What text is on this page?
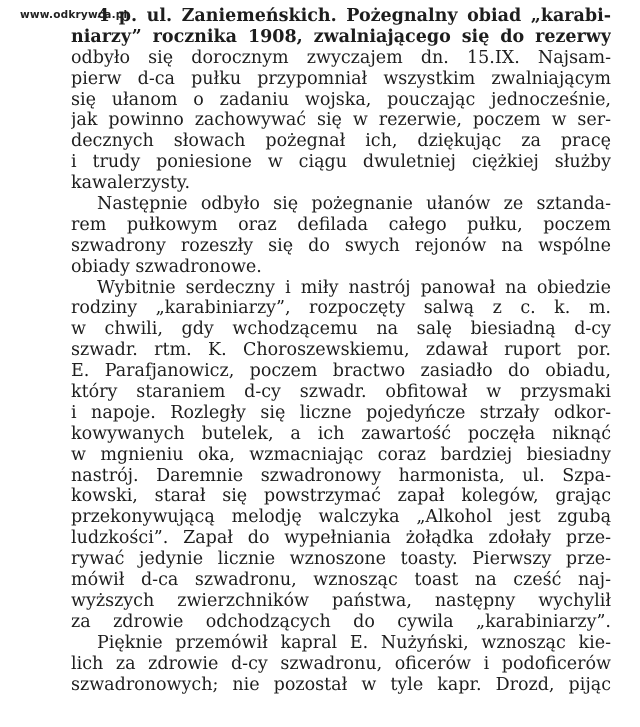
www.odkrywca.pl
4 p. ul. Zaniemeńskich. Pożegnalny obiad „karabi-
niarzy” rocznika 1908, zwalniającego się do rezerwy
odbyło się dorocznym zwyczajem dn. 15.IX. Najsam-
pierw d-ca pułku przypomniał wszystkim zwalniającym
się ułanom o zadaniu wojska, pouczając jednocześnie,
jak powinno zachowywać się w rezerwie, poczem w ser-
decznych słowach pożegnał ich, dziękując za pracę
i trudy poniesione w ciągu dwuletniej ciężkiej służby
kawalerzysty.
Następnie odbyło się pożegnanie ułanów ze sztanda-
rem pułkowym oraz defilada całego pułku, poczem
szwadrony rozeszły się do swych rejonów na wspólne
obiady szwadronowe.
Wybitnie serdeczny i miły nastrój panował na obiedzie
rodziny „karabiniarzy”, rozpoczęty salwą z c. k. m.
w chwili, gdy wchodzącemu na salę biesiadną d-cy
szwadr. rtm. K. Choroszewskiemu, zdawał ruport por.
E. Parafjanowicz, poczem bractwo zasiadło do obiadu,
który staraniem d-cy szwadr. obfitował w przysmaki
i napoje. Rozległy się liczne pojedyńcze strzały odkor-
kowywanych butelek, a ich zawartość poczęła niknąć
w mgnieniu oka, wzmacniając coraz bardziej biesiadny
nastrój. Daremnie szwadronowy harmonista, ul. Szpa-
kowski, starał się powstrzymać zapał kolegów, grając
przekonywującą melodję walczyka „Alkohol jest zgubą
ludzkości”. Zapał do wypełniania żołądka zdołały prze-
rywać jedynie licznie wznoszone toasty. Pierwszy prze-
mówił d-ca szwadronu, wznosząc toast na cześć naj-
wyższych zwierzchników państwa, następny wychylił
za zdrowie odchodzących do cywila „karabiniarzy”.
Pięknie przemówił kapral E. Nużyński, wznosząc kie-
lich za zdrowie d-cy szwadronu, oficerów i podoficerów
szwadronowych; nie pozostał w tyle kapr. Drozd, pijąc
